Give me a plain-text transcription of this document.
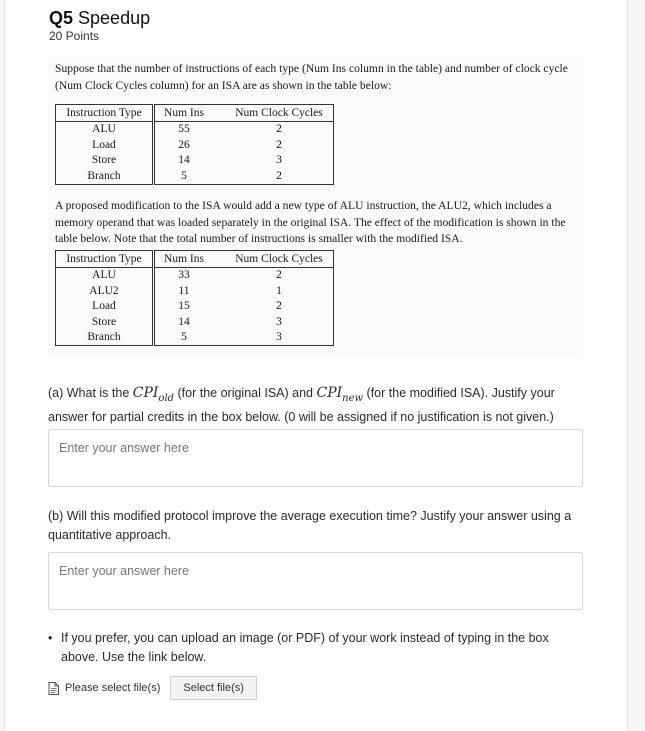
Q5 Speedup
20 Points

Suppose that the number of instructions of each type (Num Ins column in the table) and number of clock cycle (Num Clock Cycles column) for an ISA are as shown in the table below:

Instruction Type	Num Ins	Num Clock Cycles
ALU	55	2
Load	26	2
Store	14	3
Branch	5	2

A proposed modification to the ISA would add a new type of ALU instruction, the ALU2, which includes a memory operand that was loaded separately in the original ISA. The effect of the modification is shown in the table below. Note that the total number of instructions is smaller with the modified ISA.

Instruction Type	Num Ins	Num Clock Cycles
ALU	33	2
ALU2	11	1
Load	15	2
Store	14	3
Branch	5	3
(a) What is the $CPI_{old}$ (for the original ISA) and $CPI_{new}$ (for the modified ISA). Justify your answer for partial credits in the box below. (0 will be assigned if no justification is not given.)
Enter your answer here
(b) Will this modified protocol improve the average execution time? Justify your answer using a quantitative approach.
Enter your answer here
• If you prefer, you can upload an image (or PDF) of your work instead of typing in the box above. Use the link below.
Please select file(s)	Select file(s)
